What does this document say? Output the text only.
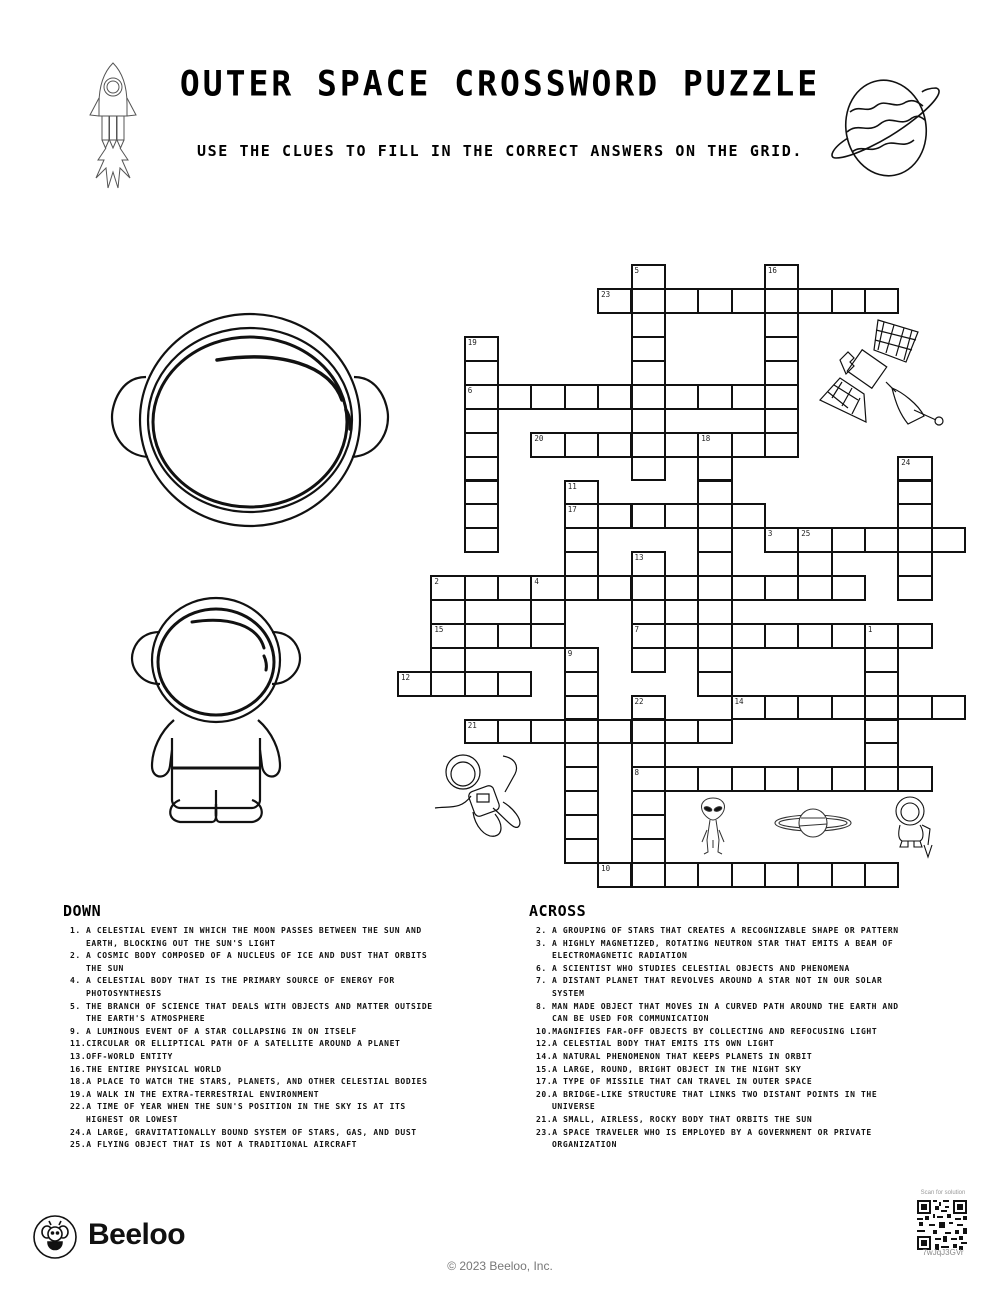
OUTER SPACE CROSSWORD PUZZLE
USE THE CLUES TO FILL IN THE CORRECT ANSWERS ON THE GRID.
1
2	4
15
3	25
5
6
7
8
9
10
11
17
12
13
14
16
18
19
20
21
22
23
24
DOWN
1. A CELESTIAL EVENT IN WHICH THE MOON PASSES BETWEEN THE SUN AND EARTH, BLOCKING OUT THE SUN'S LIGHT
2. A COSMIC BODY COMPOSED OF A NUCLEUS OF ICE AND DUST THAT ORBITS THE SUN
4. A CELESTIAL BODY THAT IS THE PRIMARY SOURCE OF ENERGY FOR PHOTOSYNTHESIS
5. THE BRANCH OF SCIENCE THAT DEALS WITH OBJECTS AND MATTER OUTSIDE THE EARTH'S ATMOSPHERE
9. A LUMINOUS EVENT OF A STAR COLLAPSING IN ON ITSELF
11.CIRCULAR OR ELLIPTICAL PATH OF A SATELLITE AROUND A PLANET
13.OFF-WORLD ENTITY
16.THE ENTIRE PHYSICAL WORLD
18.A PLACE TO WATCH THE STARS, PLANETS, AND OTHER CELESTIAL BODIES
19.A WALK IN THE EXTRA-TERRESTRIAL ENVIRONMENT
22.A TIME OF YEAR WHEN THE SUN'S POSITION IN THE SKY IS AT ITS HIGHEST OR LOWEST
24.A LARGE, GRAVITATIONALLY BOUND SYSTEM OF STARS, GAS, AND DUST
25.A FLYING OBJECT THAT IS NOT A TRADITIONAL AIRCRAFT
ACROSS
2. A GROUPING OF STARS THAT CREATES A RECOGNIZABLE SHAPE OR PATTERN
3. A HIGHLY MAGNETIZED, ROTATING NEUTRON STAR THAT EMITS A BEAM OF ELECTROMAGNETIC RADIATION
6. A SCIENTIST WHO STUDIES CELESTIAL OBJECTS AND PHENOMENA
7. A DISTANT PLANET THAT REVOLVES AROUND A STAR NOT IN OUR SOLAR SYSTEM
8. MAN MADE OBJECT THAT MOVES IN A CURVED PATH AROUND THE EARTH AND CAN BE USED FOR COMMUNICATION
10.MAGNIFIES FAR-OFF OBJECTS BY COLLECTING AND REFOCUSING LIGHT
12.A CELESTIAL BODY THAT EMITS ITS OWN LIGHT
14.A NATURAL PHENOMENON THAT KEEPS PLANETS IN ORBIT
15.A LARGE, ROUND, BRIGHT OBJECT IN THE NIGHT SKY
17.A TYPE OF MISSILE THAT CAN TRAVEL IN OUTER SPACE
20.A BRIDGE-LIKE STRUCTURE THAT LINKS TWO DISTANT POINTS IN THE UNIVERSE
21.A SMALL, AIRLESS, ROCKY BODY THAT ORBITS THE SUN
23.A SPACE TRAVELER WHO IS EMPLOYED BY A GOVERNMENT OR PRIVATE ORGANIZATION
Beeloo
© 2023 Beeloo, Inc.
Scan for solution
7wJqJ3GVr
